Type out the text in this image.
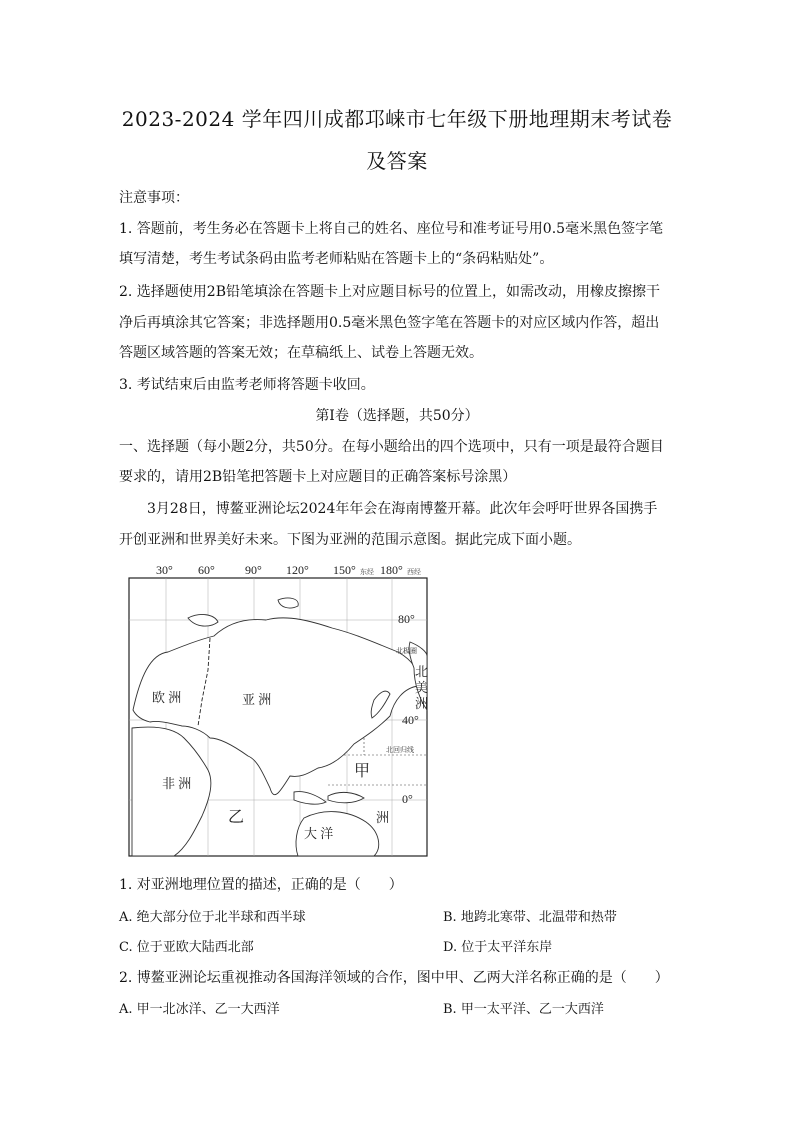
2023-2024 学年四川成都邛崃市七年级下册地理期末考试卷
及答案
注意事项：
1. 答题前，考生务必在答题卡上将自己的姓名、座位号和准考证号用0.5毫米黑色签字笔
填写清楚，考生考试条码由监考老师粘贴在答题卡上的“条码粘贴处”。
2. 选择题使用2B铅笔填涂在答题卡上对应题目标号的位置上，如需改动，用橡皮擦擦干
净后再填涂其它答案；非选择题用0.5毫米黑色签字笔在答题卡的对应区域内作答，超出
答题区域答题的答案无效；在草稿纸上、试卷上答题无效。
3. 考试结束后由监考老师将答题卡收回。
第Ⅰ卷（选择题，共50分）
一、选择题（每小题2分，共50分。在每小题给出的四个选项中，只有一项是最符合题目
要求的，请用2B铅笔把答题卡上对应题目的正确答案标号涂黑）
3月28日，博鳌亚洲论坛2024年年会在海南博鳌开幕。此次年会呼吁世界各国携手
开创亚洲和世界美好未来。下图为亚洲的范围示意图。据此完成下面小题。
30° 60°	90° 120° 150° 180°
东经	西经
80°
40°
0°
北极圈
北回归线
北
美
洲
欧 洲	亚 洲
非 洲
大 洋
洲
甲
乙
1. 对亚洲地理位置的描述，正确的是（　　）
A. 绝大部分位于北半球和西半球	B. 地跨北寒带、北温带和热带
C. 位于亚欧大陆西北部	D. 位于太平洋东岸
2. 博鳌亚洲论坛重视推动各国海洋领域的合作，图中甲、乙两大洋名称正确的是（　　）
A. 甲一北冰洋、乙一大西洋	B. 甲一太平洋、乙一大西洋
